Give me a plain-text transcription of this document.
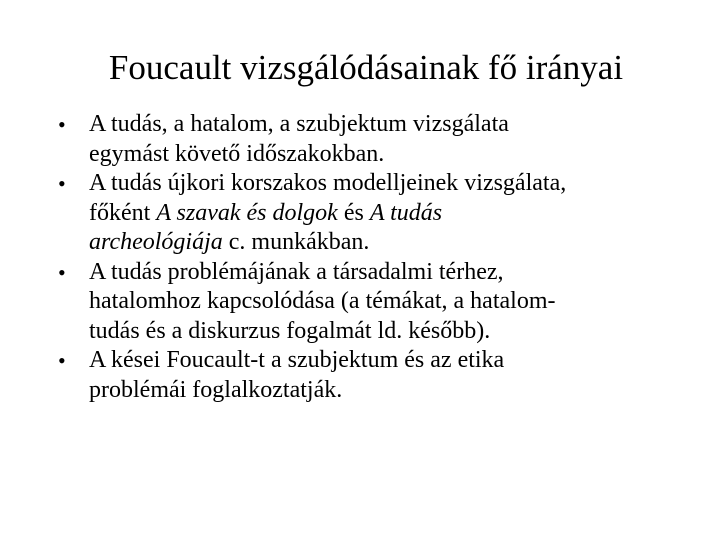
Foucault vizsgálódásainak fő irányai
• A tudás, a hatalom, a szubjektum vizsgálata
egymást követő időszakokban.
• A tudás újkori korszakos modelljeinek vizsgálata,
főként A szavak és dolgok és A tudás
archeológiája c. munkákban.
• A tudás problémájának a társadalmi térhez,
hatalomhoz kapcsolódása (a témákat, a hatalom-
tudás és a diskurzus fogalmát ld. később).
• A kései Foucault-t a szubjektum és az etika
problémái foglalkoztatják.
